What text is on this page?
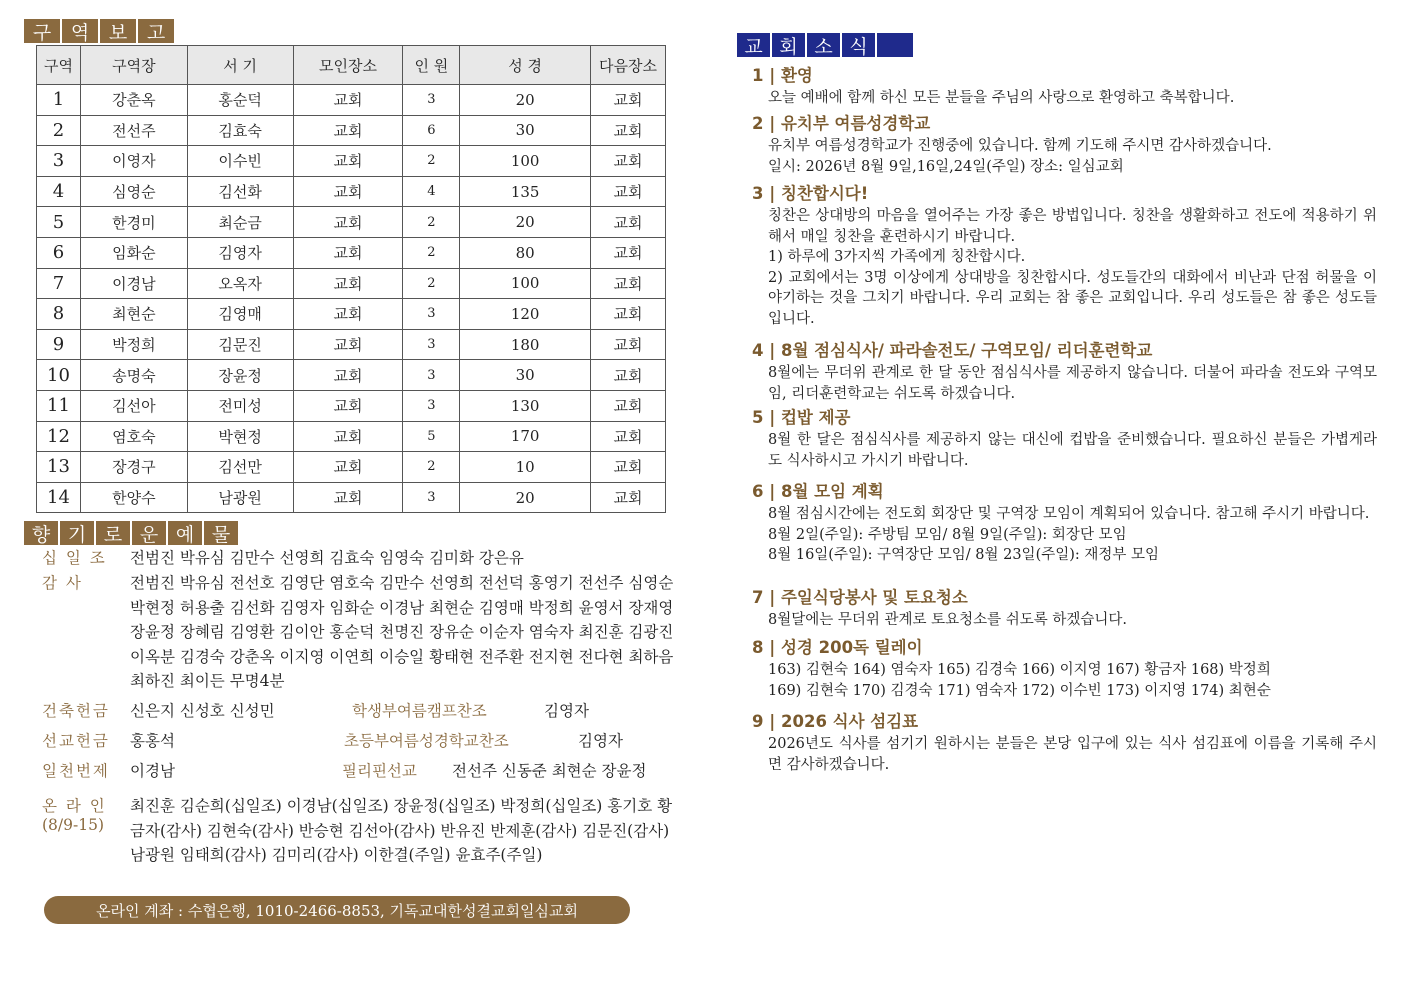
구	역	보	고
구역	구역장	서 기	모인장소	인 원	성 경	다음장소
1	강춘옥	홍순덕	교회	3	20	교회
2	전선주	김효숙	교회	6	30	교회
3	이영자	이수빈	교회	2	100	교회
4	심영순	김선화	교회	4	135	교회
5	한경미	최순금	교회	2	20	교회
6	임화순	김영자	교회	2	80	교회
7	이경남	오옥자	교회	2	100	교회
8	최현순	김영매	교회	3	120	교회
9	박정희	김문진	교회	3	180	교회
10	송명숙	장윤정	교회	3	30	교회
11	김선아	전미성	교회	3	130	교회
12	염호숙	박현정	교회	5	170	교회
13	장경구	김선만	교회	2	10	교회
14	한양수	남광원	교회	3	20	교회
향 기 로 운 예 물
십 일 조	전범진 박유심 김만수 선영희 김효숙 임영숙 김미화 강은유
감 사	전범진 박유심 전선호 김영단 염호숙 김만수 선영희 전선덕 홍영기 전선주 심영순 박현정 허용출 김선화 김영자 임화순 이경남 최현순 김영매 박정희 윤영서 장재영 장윤정 장혜림 김영환 김이안 홍순덕 천명진 장유순 이순자 염숙자 최진훈 김광진 이옥분 김경숙 강춘옥 이지영 이연희 이승일 황태현 전주환 전지현 전다현 최하음 최하진 최이든 무명4분
건축헌금	신은지 신성호 신성민	학생부여름캠프찬조	김영자
선교헌금	홍홍석	초등부여름성경학교찬조	김영자
일천번제	이경남	필리핀선교	전선주 신동준 최현순 장윤정
온 라 인
(8/9-15)
최진훈 김순희(십일조) 이경남(십일조) 장윤정(십일조) 박정희(십일조) 홍기호 황금자(감사) 김현숙(감사) 반승현 김선아(감사) 반유진 반제훈(감사) 김문진(감사) 남광원 임태희(감사) 김미리(감사) 이한결(주일) 윤효주(주일)
온라인 계좌 : 수협은행, 1010-2466-8853, 기독교대한성결교회일심교회
교 회 소 식
1 | 환영
오늘 예배에 함께 하신 모든 분들을 주님의 사랑으로 환영하고 축복합니다.
2 | 유치부 여름성경학교
유치부 여름성경학교가 진행중에 있습니다. 함께 기도해 주시면 감사하겠습니다.
일시: 2026년 8월 9일,16일,24일(주일) 장소: 일심교회
3 | 칭찬합시다!
칭찬은 상대방의 마음을 열어주는 가장 좋은 방법입니다. 칭찬을 생활화하고 전도에 적용하기 위해서 매일 칭찬을 훈련하시기 바랍니다.
1) 하루에 3가지씩 가족에게 칭찬합시다.
2) 교회에서는 3명 이상에게 상대방을 칭찬합시다. 성도들간의 대화에서 비난과 단점 허물을 이야기하는 것을 그치기 바랍니다. 우리 교회는 참 좋은 교회입니다. 우리 성도들은 참 좋은 성도들입니다.
4 | 8월 점심식사/ 파라솔전도/ 구역모임/ 리더훈련학교
8월에는 무더위 관계로 한 달 동안 점심식사를 제공하지 않습니다. 더불어 파라솔 전도와 구역모임, 리더훈련학교는 쉬도록 하겠습니다.
5 | 컵밥 제공
8월 한 달은 점심식사를 제공하지 않는 대신에 컵밥을 준비했습니다. 필요하신 분들은 가볍게라도 식사하시고 가시기 바랍니다.
6 | 8월 모임 계획
8월 점심시간에는 전도회 회장단 및 구역장 모임이 계획되어 있습니다. 참고해 주시기 바랍니다.
8월 2일(주일): 주방팀 모임/ 8월 9일(주일): 회장단 모임
8월 16일(주일): 구역장단 모임/ 8월 23일(주일): 재정부 모임
7 | 주일식당봉사 및 토요청소
8월달에는 무더위 관계로 토요청소를 쉬도록 하겠습니다.
8 | 성경 200독 릴레이
163) 김현숙 164) 염숙자 165) 김경숙 166) 이지영 167) 황금자 168) 박정희
169) 김현숙 170) 김경숙 171) 염숙자 172) 이수빈 173) 이지영 174) 최현순
9 | 2026 식사 섬김표
2026년도 식사를 섬기기 원하시는 분들은 본당 입구에 있는 식사 섬김표에 이름을 기록해 주시면 감사하겠습니다.
